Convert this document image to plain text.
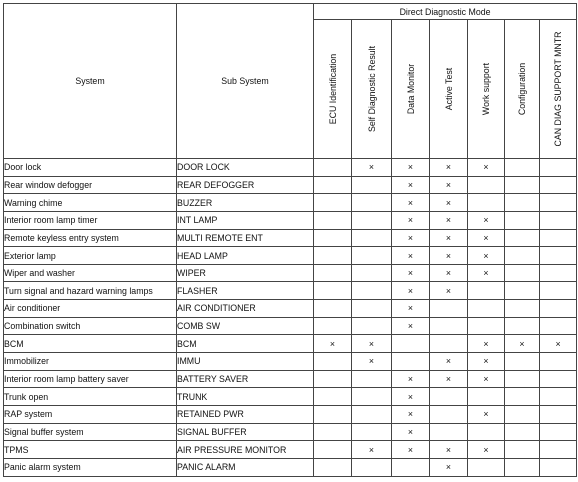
System	Sub System	Direct Diagnostic Mode						

		ECU Identification	Self Diagnostic Result	Data Monitor	Active Test	Work support	Configuration	CAN DIAG SUPPORT MNTR

Door lock	DOOR LOCK		×	×	×	×		
Rear window defogger	REAR DEFOGGER			×	×			
Warning chime	BUZZER			×	×			
Interior room lamp timer	INT LAMP			×	×	×		
Remote keyless entry system	MULTI REMOTE ENT			×	×	×		
Exterior lamp	HEAD LAMP			×	×	×		
Wiper and washer	WIPER			×	×	×		
Turn signal and hazard warning lamps	FLASHER			×	×			
Air conditioner	AIR CONDITIONER			×				
Combination switch	COMB SW			×				
BCM	BCM	×	×			×	×	×
Immobilizer	IMMU		×		×	×		
Interior room lamp battery saver	BATTERY SAVER			×	×	×		
Trunk open	TRUNK			×				
RAP system	RETAINED PWR			×		×		
Signal buffer system	SIGNAL BUFFER			×				
TPMS	AIR PRESSURE MONITOR		×	×	×	×		
Panic alarm system	PANIC ALARM				×			
